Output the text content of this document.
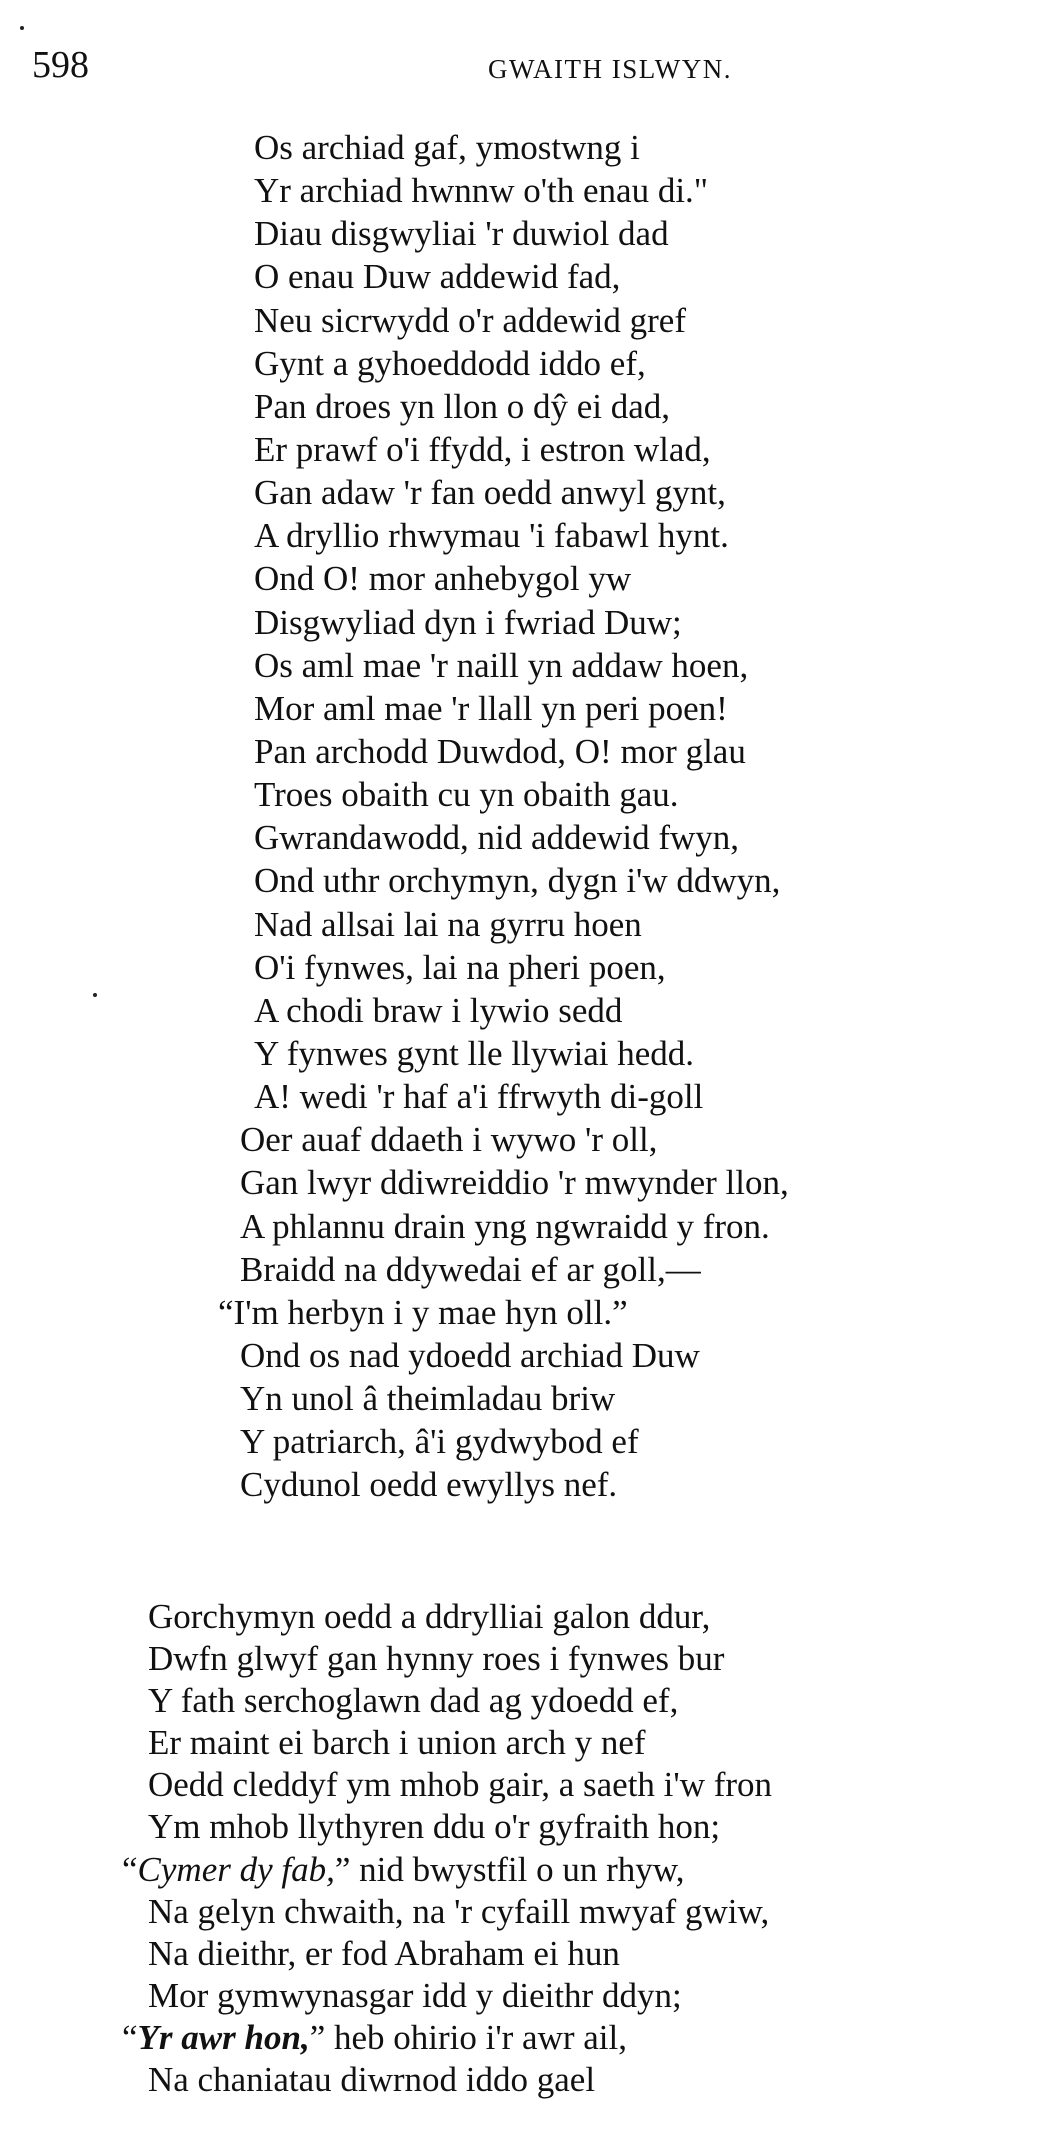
598	GWAITH ISLWYN.
Os archiad gaf, ymostwng i
Yr archiad hwnnw o'th enau di."
Diau disgwyliai 'r duwiol dad
O enau Duw addewid fad,
Neu sicrwydd o'r addewid gref
Gynt a gyhoeddodd iddo ef,
Pan droes yn llon o dŷ ei dad,
Er prawf o'i ffydd, i estron wlad,
Gan adaw 'r fan oedd anwyl gynt,
A dryllio rhwymau 'i fabawl hynt.
Ond O! mor anhebygol yw
Disgwyliad dyn i fwriad Duw;
Os aml mae 'r naill yn addaw hoen,
Mor aml mae 'r llall yn peri poen!
Pan archodd Duwdod, O! mor glau
Troes obaith cu yn obaith gau.
Gwrandawodd, nid addewid fwyn,
Ond uthr orchymyn, dygn i'w ddwyn,
Nad allsai lai na gyrru hoen
O'i fynwes, lai na pheri poen,
A chodi braw i lywio sedd
Y fynwes gynt lle llywiai hedd.
A! wedi 'r haf a'i ffrwyth di-goll
Oer auaf ddaeth i wywo 'r oll,
Gan lwyr ddiwreiddio 'r mwynder llon,
A phlannu drain yng ngwraidd y fron.
Braidd na ddywedai ef ar goll,—
“I'm herbyn i y mae hyn oll.”
Ond os nad ydoedd archiad Duw
Yn unol â theimladau briw
Y patriarch, â'i gydwybod ef
Cydunol oedd ewyllys nef.
Gorchymyn oedd a ddrylliai galon ddur,
Dwfn glwyf gan hynny roes i fynwes bur
Y fath serchoglawn dad ag ydoedd ef,
Er maint ei barch i union arch y nef
Oedd cleddyf ym mhob gair, a saeth i'w fron
Ym mhob llythyren ddu o'r gyfraith hon;
“Cymer dy fab,” nid bwystfil o un rhyw,
Na gelyn chwaith, na 'r cyfaill mwyaf gwiw,
Na dieithr, er fod Abraham ei hun
Mor gymwynasgar idd y dieithr ddyn;
“Yr awr hon,” heb ohirio i'r awr ail,
Na chaniatau diwrnod iddo gael
